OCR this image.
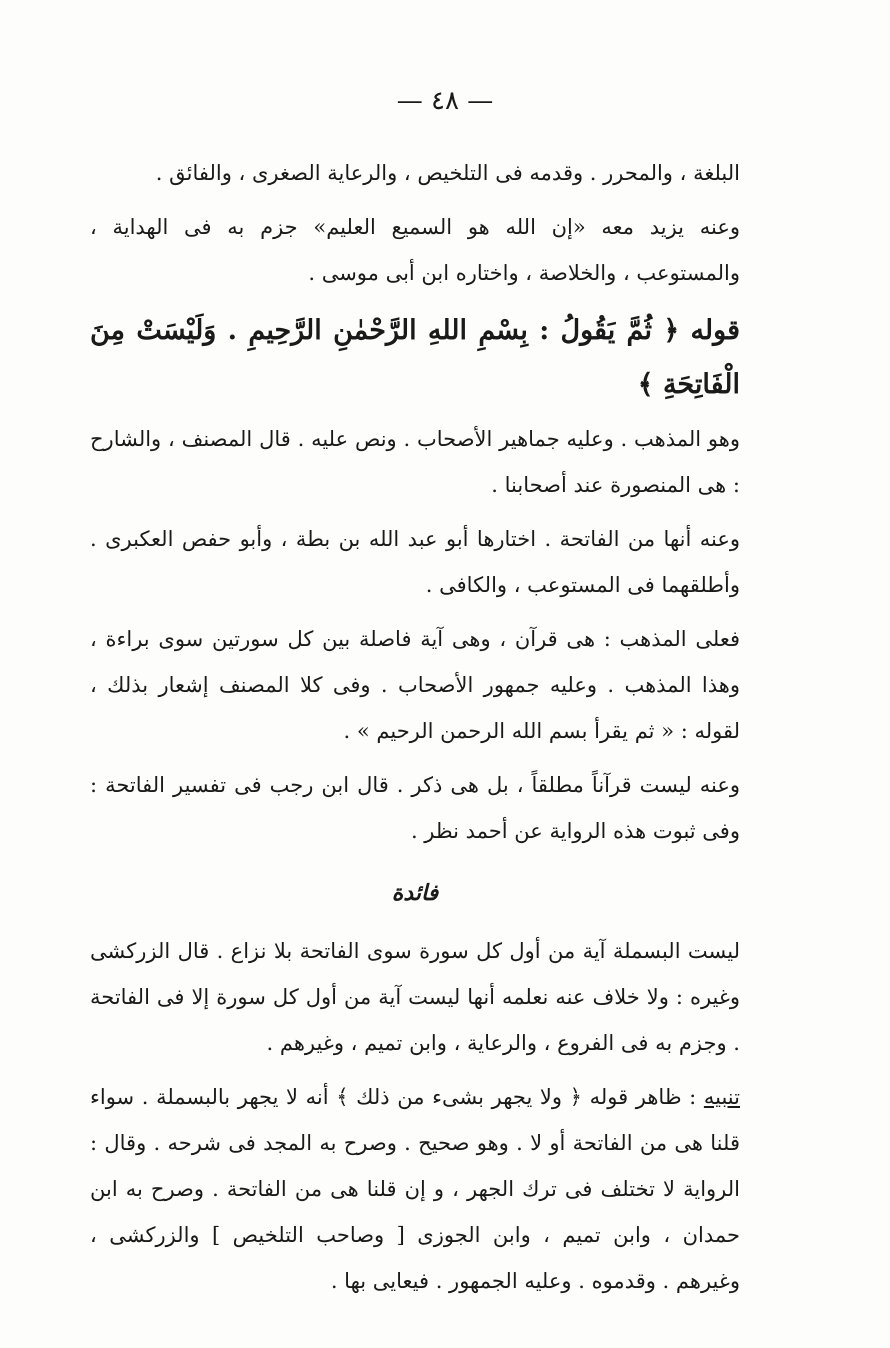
— ٤٨ —

البلغة ، والمحرر . وقدمه فى التلخيص ، والرعاية الصغرى ، والفائق .

وعنه يزيد معه «إن الله هو السميع العليم» جزم به فى الهداية ، والمستوعب ، والخلاصة ، واختاره ابن أبى موسى .

قوله ﴿ ثُمَّ يَقُولُ : بِسْمِ اللهِ الرَّحْمٰنِ الرَّحِيمِ . وَلَيْسَتْ مِنَ الْفَاتِحَةِ ﴾

وهو المذهب . وعليه جماهير الأصحاب . ونص عليه . قال المصنف ، والشارح : هى المنصورة عند أصحابنا .

وعنه أنها من الفاتحة . اختارها أبو عبد الله بن بطة ، وأبو حفص العكبرى . وأطلقهما فى المستوعب ، والكافى .

فعلى المذهب : هى قرآن ، وهى آية فاصلة بين كل سورتين سوى براءة ، وهذا المذهب . وعليه جمهور الأصحاب . وفى كلا المصنف إشعار بذلك ، لقوله : « ثم يقرأ بسم الله الرحمن الرحيم » .

وعنه ليست قرآناً مطلقاً ، بل هى ذكر . قال ابن رجب فى تفسير الفاتحة : وفى ثبوت هذه الرواية عن أحمد نظر .

فائدة

ليست البسملة آية من أول كل سورة سوى الفاتحة بلا نزاع . قال الزركشى وغيره : ولا خلاف عنه نعلمه أنها ليست آية من أول كل سورة إلا فى الفاتحة . وجزم به فى الفروع ، والرعاية ، وابن تميم ، وغيرهم .

تنبيه : ظاهر قوله ﴿ ولا يجهر بشىء من ذلك ﴾ أنه لا يجهر بالبسملة . سواء قلنا هى من الفاتحة أو لا . وهو صحيح . وصرح به المجد فى شرحه . وقال : الرواية لا تختلف فى ترك الجهر ، و إن قلنا هى من الفاتحة . وصرح به ابن حمدان ، وابن تميم ، وابن الجوزى [ وصاحب التلخيص ] والزركشى ، وغيرهم . وقدموه . وعليه الجمهور . فيعايى بها .
